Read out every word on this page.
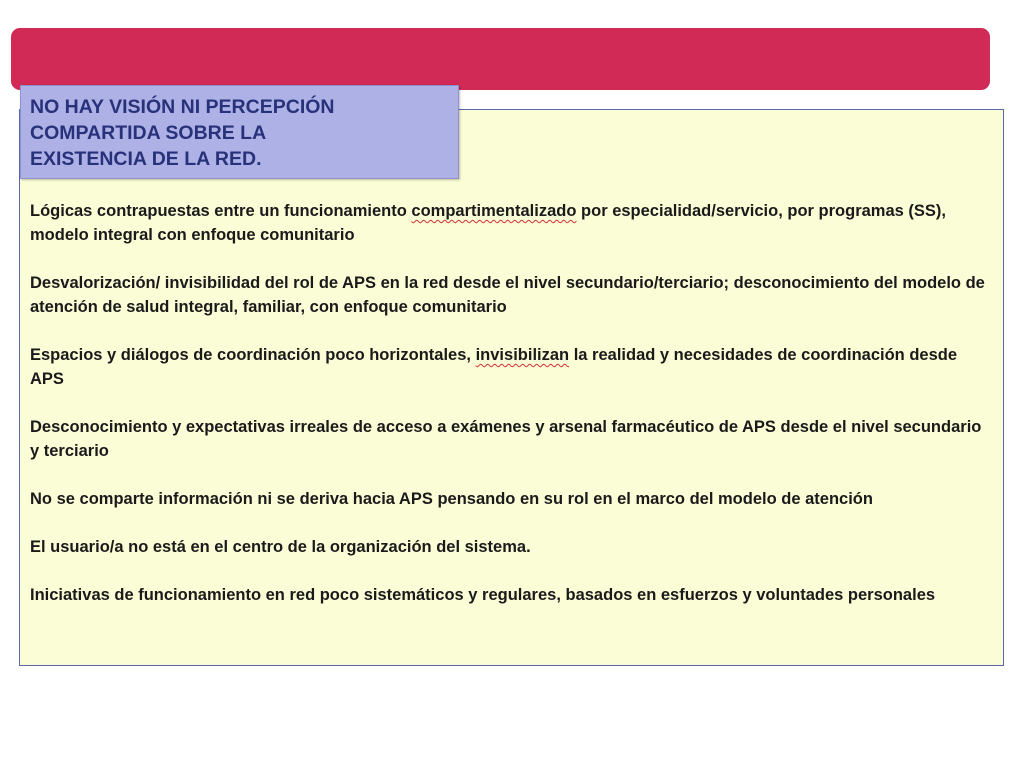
NO HAY VISIÓN NI PERCEPCIÓN
COMPARTIDA SOBRE LA
EXISTENCIA DE LA RED.

Lógicas contrapuestas entre un funcionamiento compartimentalizado por especialidad/servicio, por programas (SS), modelo integral con enfoque comunitario
Desvalorización/ invisibilidad del rol de APS en la red desde el nivel secundario/terciario; desconocimiento del modelo de atención de salud integral, familiar, con enfoque comunitario
Espacios y diálogos de coordinación poco horizontales, invisibilizan la realidad y necesidades de coordinación desde APS
Desconocimiento y expectativas irreales de acceso a exámenes y arsenal farmacéutico de APS desde el nivel secundario y terciario
No se comparte información ni se deriva hacia APS pensando en su rol en el marco del modelo de atención
El usuario/a no está en el centro de la organización del sistema.
Iniciativas de funcionamiento en red poco sistemáticos y regulares, basados en esfuerzos y voluntades personales
